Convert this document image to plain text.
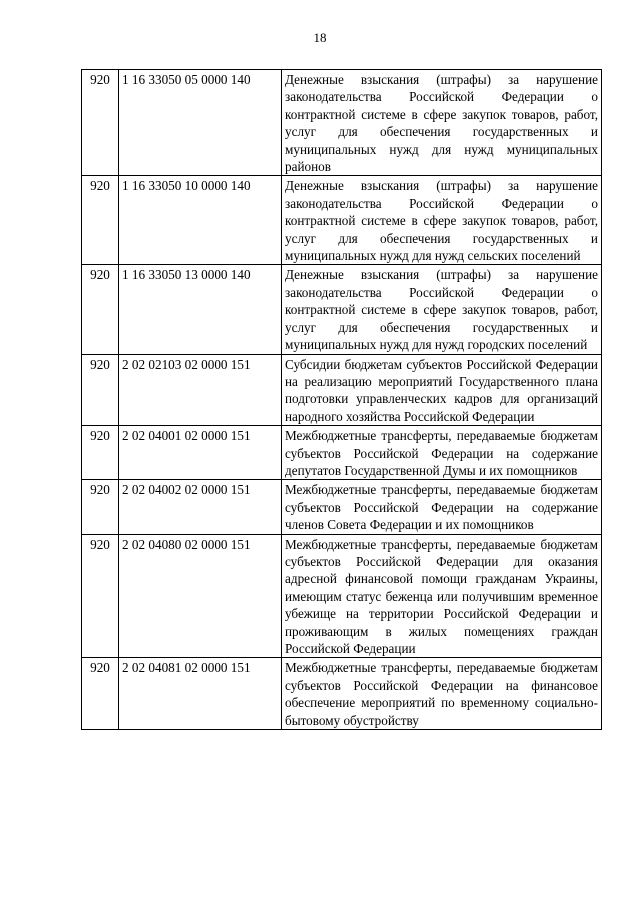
18
920	1 16 33050 05 0000 140	Денежные взыскания (штрафы) за нарушение законодательства Российской Федерации о контрактной системе в сфере закупок товаров, работ, услуг для обеспечения государственных и муниципальных нужд для нужд муниципальных районов
920	1 16 33050 10 0000 140	Денежные взыскания (штрафы) за нарушение законодательства Российской Федерации о контрактной системе в сфере закупок товаров, работ, услуг для обеспечения государственных и муниципальных нужд для нужд сельских поселений
920	1 16 33050 13 0000 140	Денежные взыскания (штрафы) за нарушение законодательства Российской Федерации о контрактной системе в сфере закупок товаров, работ, услуг для обеспечения государственных и муниципальных нужд для нужд городских поселений
920	2 02 02103 02 0000 151	Субсидии бюджетам субъектов Российской Федерации на реализацию мероприятий Государственного плана подготовки управленческих кадров для организаций народного хозяйства Российской Федерации
920	2 02 04001 02 0000 151	Межбюджетные трансферты, передаваемые бюджетам субъектов Российской Федерации на содержание депутатов Государственной Думы и их помощников
920	2 02 04002 02 0000 151	Межбюджетные трансферты, передаваемые бюджетам субъектов Российской Федерации на содержание членов Совета Федерации и их помощников
920	2 02 04080 02 0000 151	Межбюджетные трансферты, передаваемые бюджетам субъектов Российской Федерации для оказания адресной финансовой помощи гражданам Украины, имеющим статус беженца или получившим временное убежище на территории Российской Федерации и проживающим в жилых помещениях граждан Российской Федерации
920	2 02 04081 02 0000 151	Межбюджетные трансферты, передаваемые бюджетам субъектов Российской Федерации на финансовое обеспечение мероприятий по временному социально-бытовому обустройству
